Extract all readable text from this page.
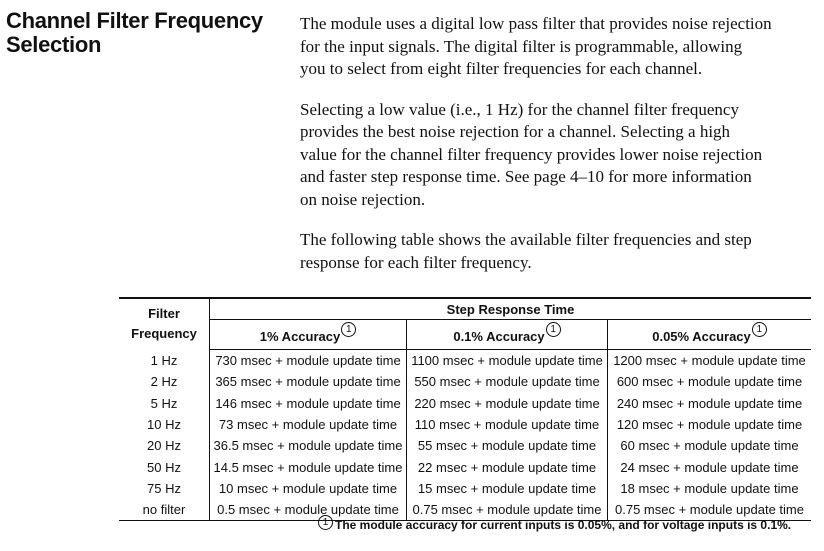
Channel Filter Frequency
Selection

The module uses a digital low pass filter that provides noise rejection
for the input signals. The digital filter is programmable, allowing
you to select from eight filter frequencies for each channel.

Selecting a low value (i.e., 1 Hz) for the channel filter frequency
provides the best noise rejection for a channel. Selecting a high
value for the channel filter frequency provides lower noise rejection
and faster step response time. See page 4–10 for more information
on noise rejection.

The following table shows the available filter frequencies and step
response for each filter frequency.

Filter
Frequency	Step Response Time		
	1% Accuracy 1	0.1% Accuracy 1	0.05% Accuracy 1
1 Hz	730 msec + module update time	1100 msec + module update time	1200 msec + module update time
2 Hz	365 msec + module update time	550 msec + module update time	600 msec + module update time
5 Hz	146 msec + module update time	220 msec + module update time	240 msec + module update time
10 Hz	73 msec + module update time	110 msec + module update time	120 msec + module update time
20 Hz	36.5 msec + module update time	55 msec + module update time	60 msec + module update time
50 Hz	14.5 msec + module update time	22 msec + module update time	24 msec + module update time
75 Hz	10 msec + module update time	15 msec + module update time	18 msec + module update time
no filter	0.5 msec + module update time	0.75 msec + module update time	0.75 msec + module update time
1 The module accuracy for current inputs is 0.05%, and for voltage inputs is 0.1%.
